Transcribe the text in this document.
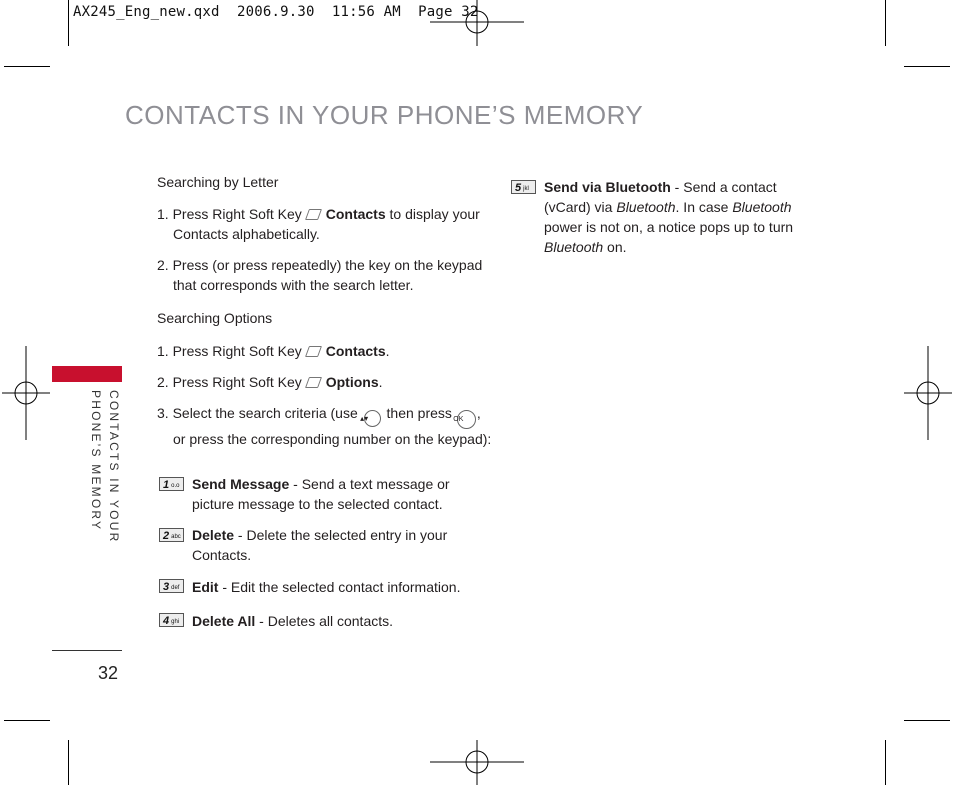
AX245_Eng_new.qxd  2006.9.30  11:56 AM  Page 32
CONTACTS IN YOUR PHONE’S MEMORY
CONTACTS IN YOUR
PHONE’S MEMORY
32
Searching by Letter
1. Press Right Soft Key Contacts to display your Contacts alphabetically.
2. Press (or press repeatedly) the key on the keypad that corresponds with the search letter.
Searching Options
1. Press Right Soft Key Contacts.
2. Press Right Soft Key Options.
3. Select the search criteria (use ▴▾ then press OK , or press the corresponding number on the keypad):
1 o.o Send Message - Send a text message or picture message to the selected contact.
2 abc Delete - Delete the selected entry in your Contacts.
3 def Edit - Edit the selected contact information.
4 ghi Delete All - Deletes all contacts.
5 jkl	Send via Bluetooth - Send a contact (vCard) via Bluetooth. In case Bluetooth power is not on, a notice pops up to turn Bluetooth on.
